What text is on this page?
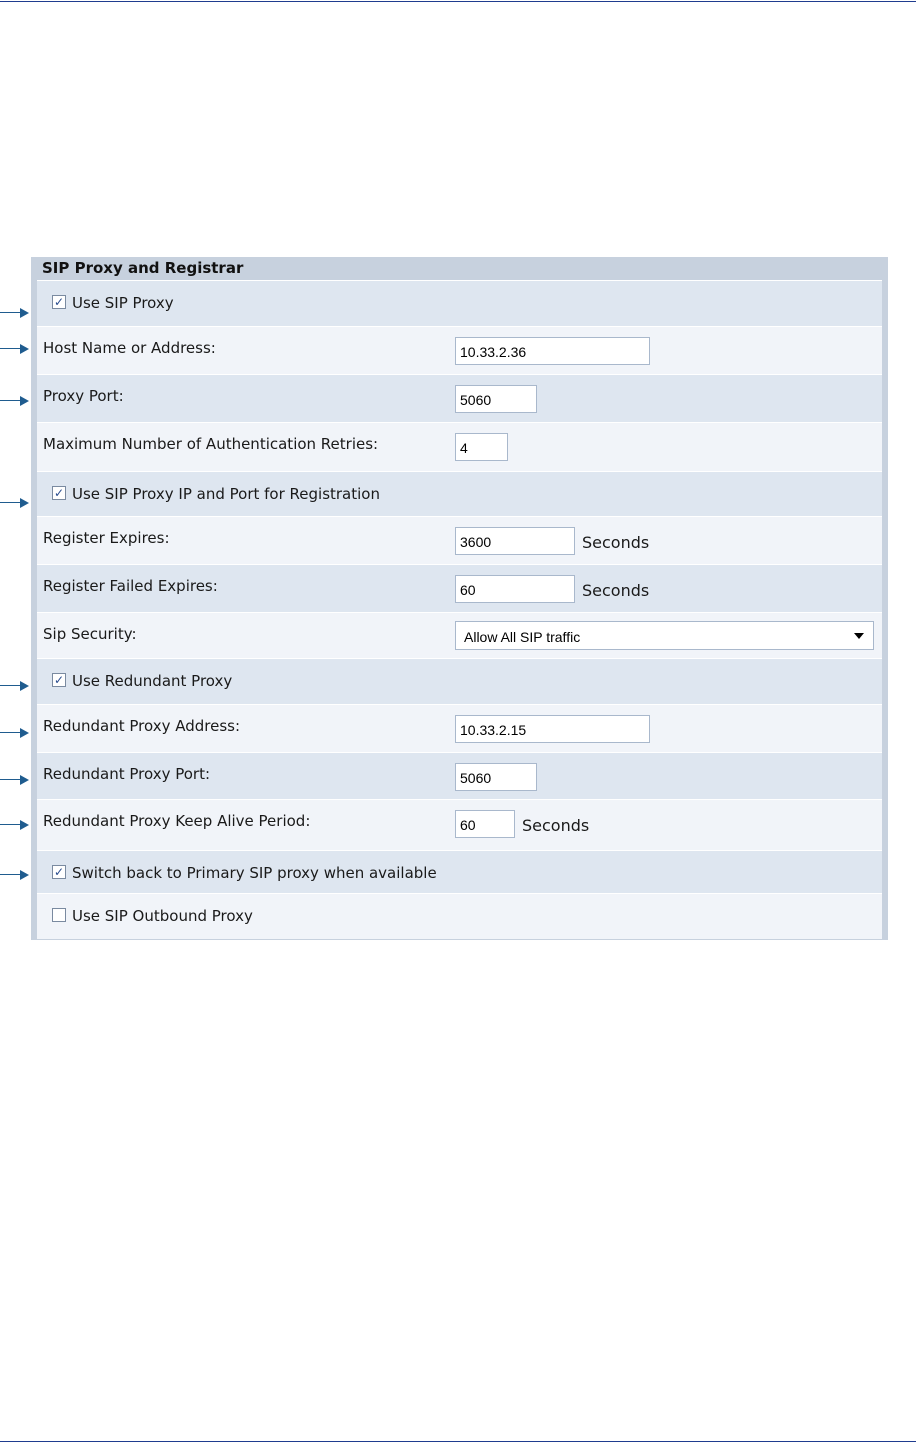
SIP Proxy and Registrar
✓ Use SIP Proxy
Host Name or Address:	10.33.2.36
Proxy Port:	5060
Maximum Number of Authentication Retries:	4
✓ Use SIP Proxy IP and Port for Registration
Register Expires:	3600	Seconds
Register Failed Expires:	60	Seconds
Sip Security:	Allow All SIP traffic
✓ Use Redundant Proxy
Redundant Proxy Address:	10.33.2.15
Redundant Proxy Port:	5060
Redundant Proxy Keep Alive Period:	60	Seconds
✓ Switch back to Primary SIP proxy when available
Use SIP Outbound Proxy
